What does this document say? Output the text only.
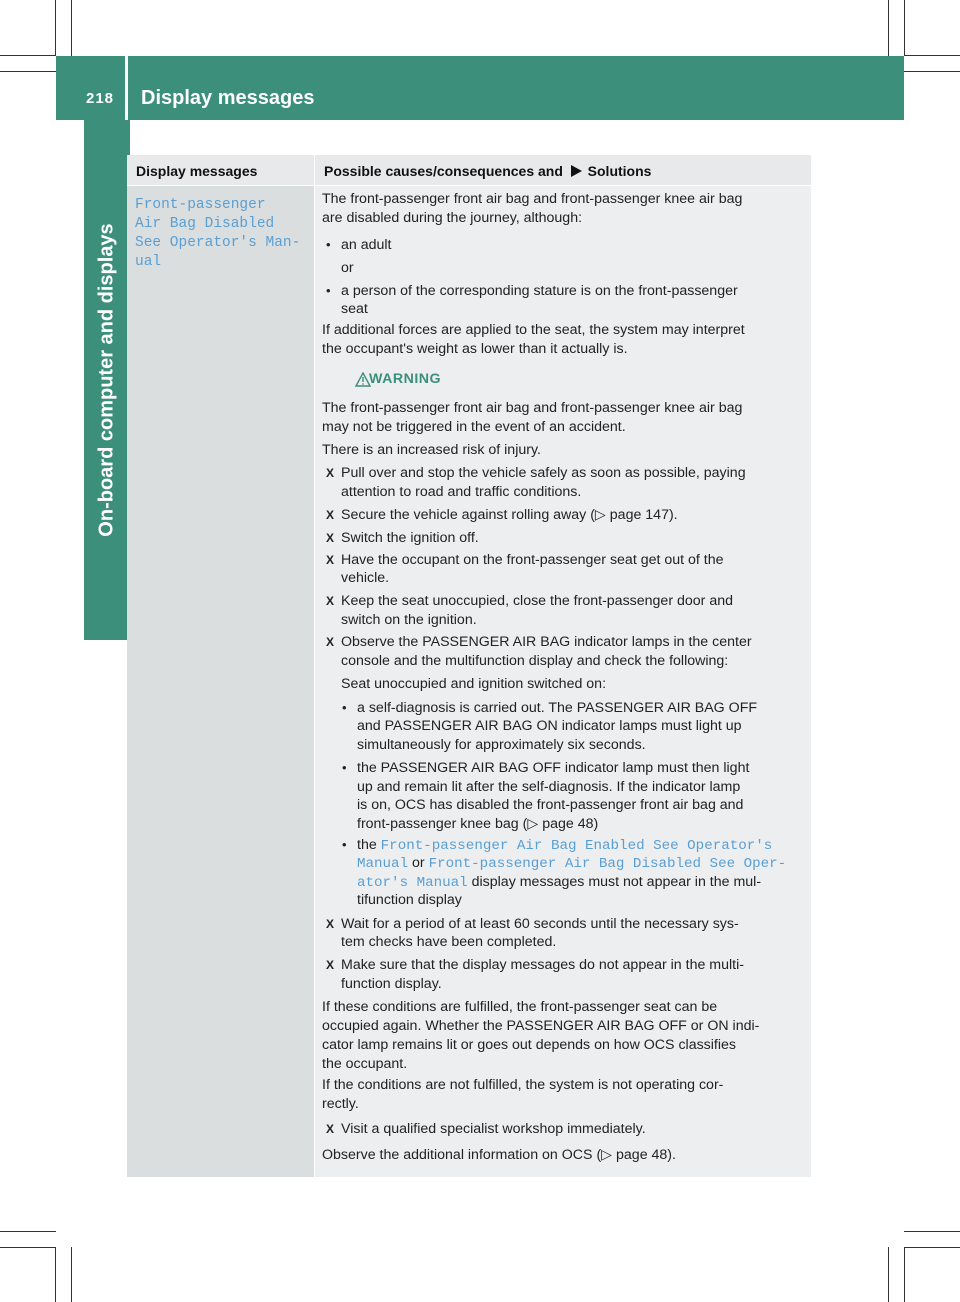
218 Display messages
On-board computer and displays
Display messages	Possible causes/consequences and Solutions
Front-passenger
Air Bag Disabled
See Operator's Man‐
ual
The front-passenger front air bag and front-passenger knee air bag
are disabled during the journey, although:
• an adult
or
• a person of the corresponding stature is on the front-passenger
seat
If additional forces are applied to the seat, the system may interpret
the occupant's weight as lower than it actually is.
WARNING
The front-passenger front air bag and front-passenger knee air bag
may not be triggered in the event of an accident.
There is an increased risk of injury.
X Pull over and stop the vehicle safely as soon as possible, paying
attention to road and traffic conditions.
X Secure the vehicle against rolling away (▷ page 147).
X Switch the ignition off.
X Have the occupant on the front-passenger seat get out of the
vehicle.
X Keep the seat unoccupied, close the front-passenger door and
switch on the ignition.
X Observe the PASSENGER AIR BAG indicator lamps in the center
console and the multifunction display and check the following:
Seat unoccupied and ignition switched on:
• a self-diagnosis is carried out. The PASSENGER AIR BAG OFF
and PASSENGER AIR BAG ON indicator lamps must light up
simultaneously for approximately six seconds.
• the PASSENGER AIR BAG OFF indicator lamp must then light
up and remain lit after the self-diagnosis. If the indicator lamp
is on, OCS has disabled the front-passenger front air bag and
front-passenger knee bag (▷ page 48)
• the Front-passenger Air Bag Enabled See Operator's
Manual or Front-passenger Air Bag Disabled See Oper‐
ator's Manual display messages must not appear in the mul-
tifunction display
X Wait for a period of at least 60 seconds until the necessary sys-
tem checks have been completed.
X Make sure that the display messages do not appear in the multi-
function display.
If these conditions are fulfilled, the front-passenger seat can be
occupied again. Whether the PASSENGER AIR BAG OFF or ON indi-
cator lamp remains lit or goes out depends on how OCS classifies
the occupant.
If the conditions are not fulfilled, the system is not operating cor-
rectly.
X Visit a qualified specialist workshop immediately.
Observe the additional information on OCS (▷ page 48).
